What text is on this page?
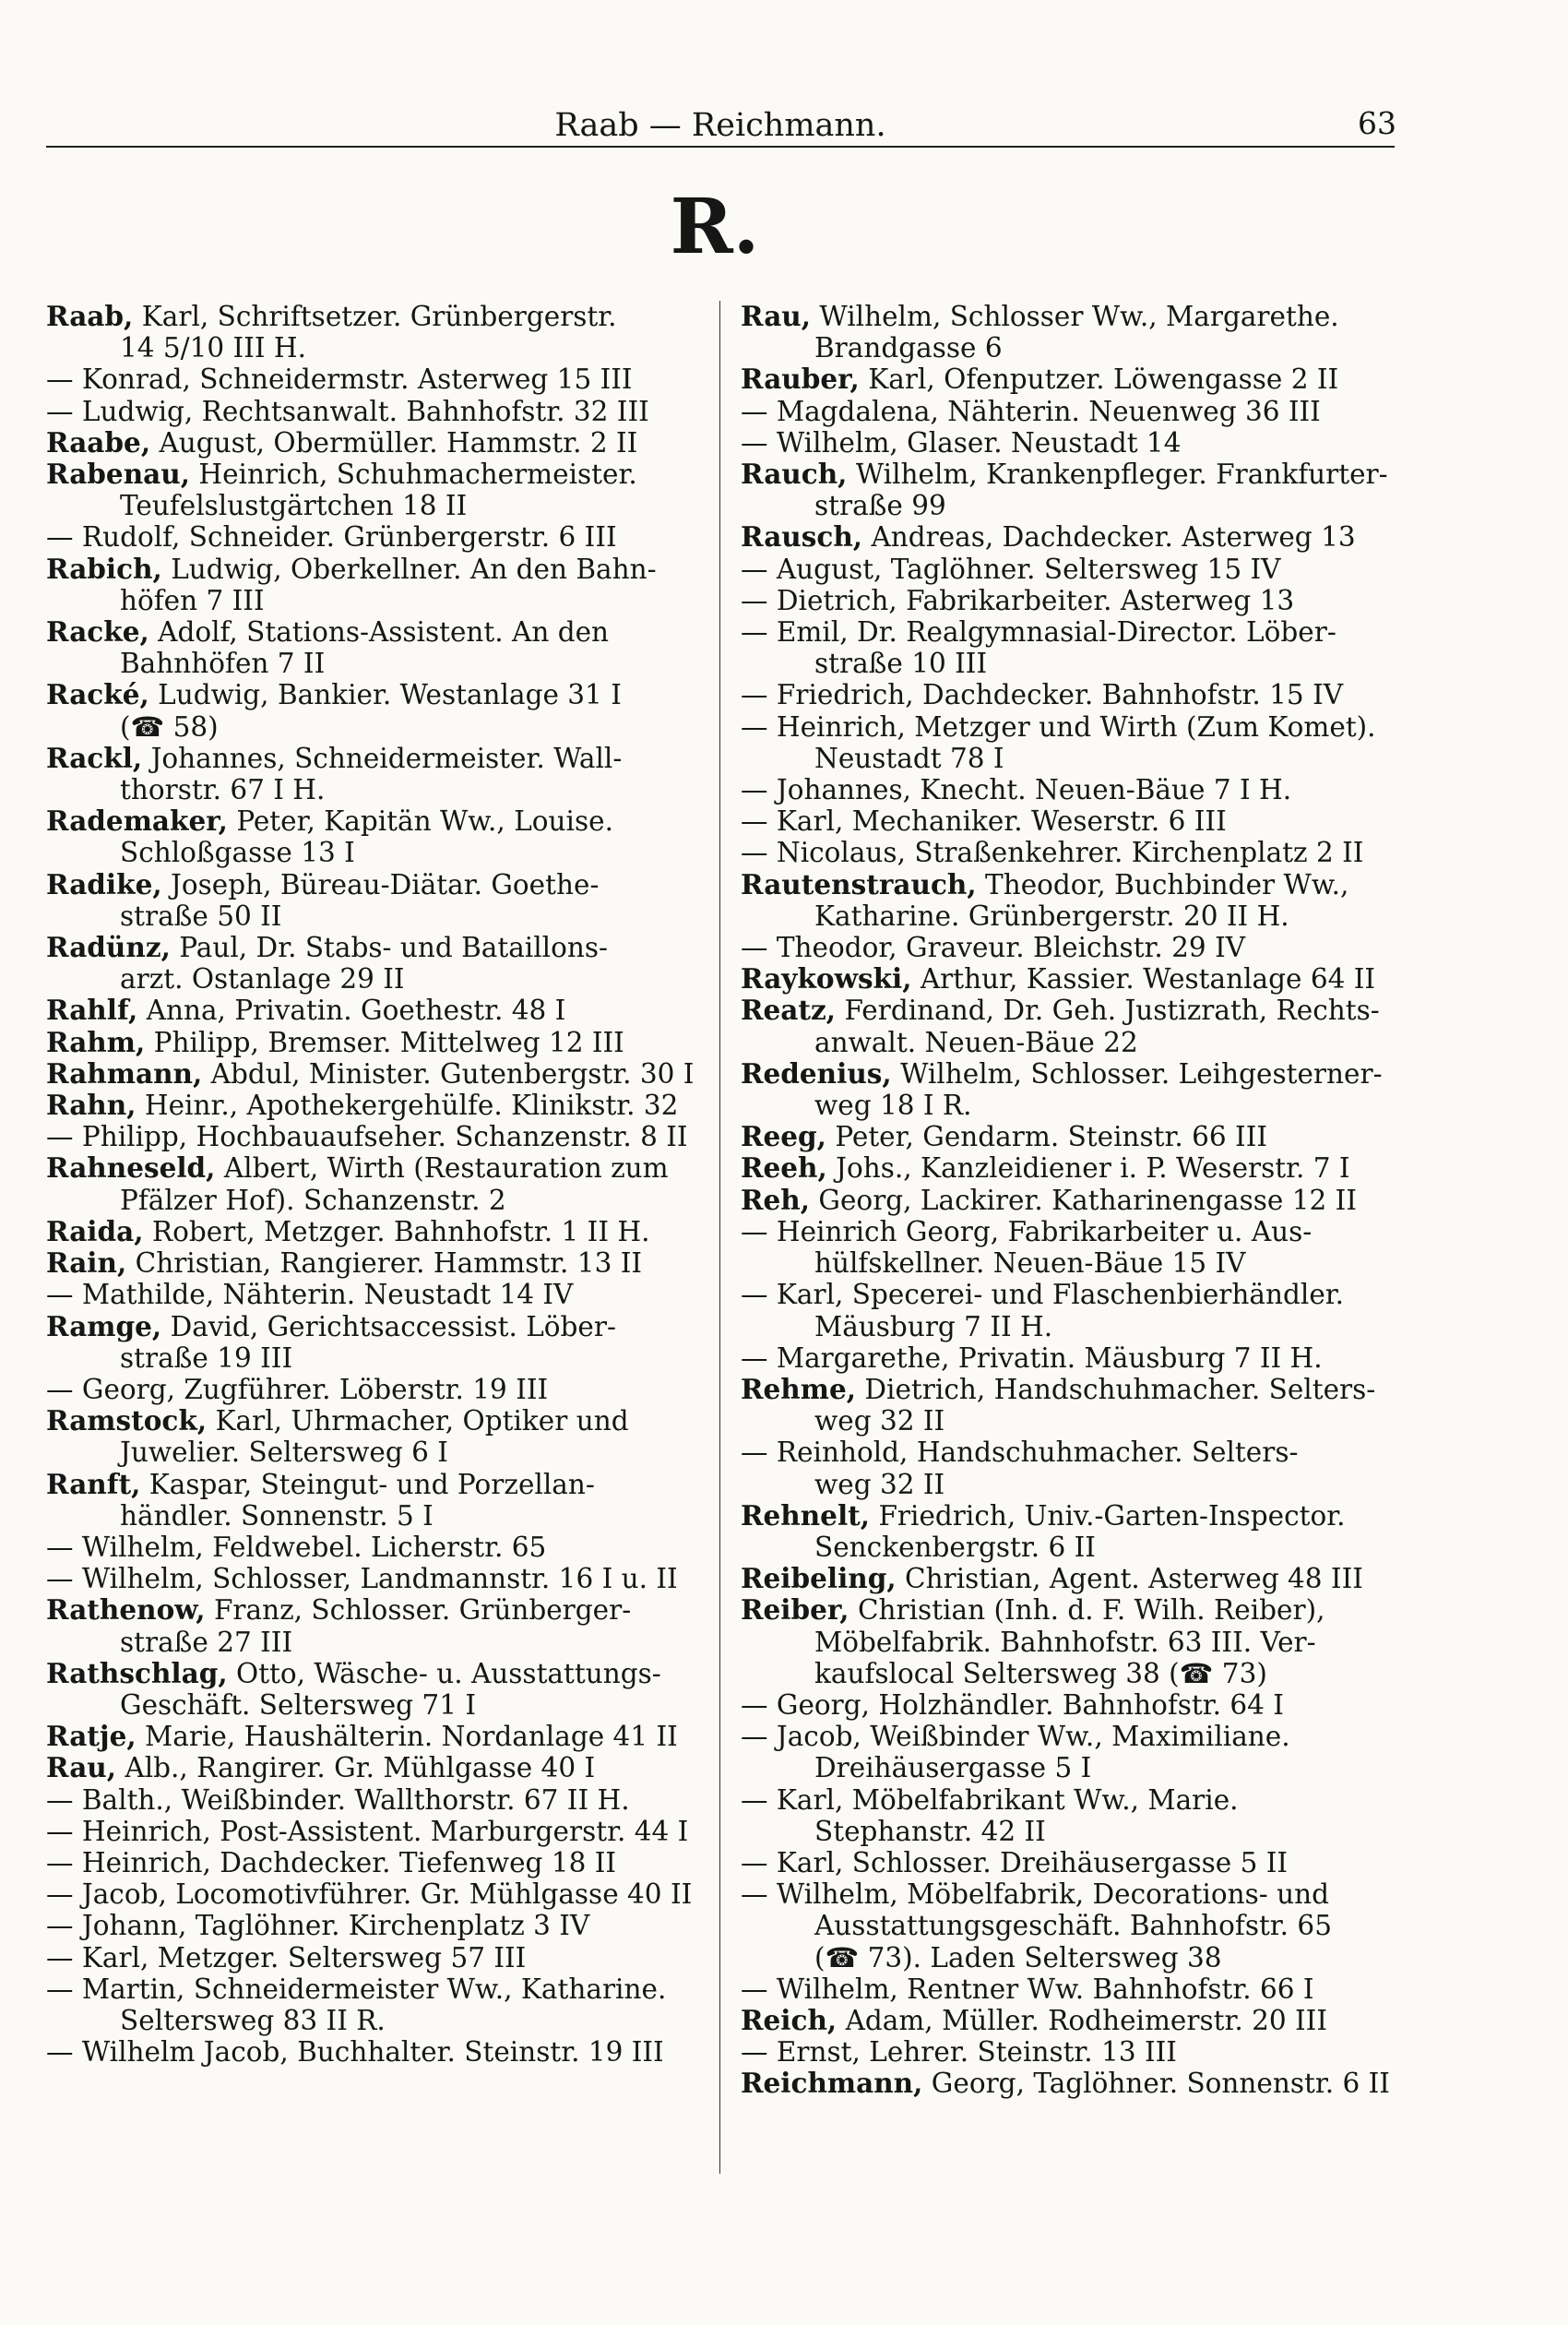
Raab — Reichmann.	63
R.
Raab, Karl, Schriftsetzer. Grünbergerstr.
14 5/10 III H.
— Konrad, Schneidermstr. Asterweg 15 III
— Ludwig, Rechtsanwalt. Bahnhofstr. 32 III
Raabe, August, Obermüller. Hammstr. 2 II
Rabenau, Heinrich, Schuhmachermeister.
Teufelslustgärtchen 18 II
— Rudolf, Schneider. Grünbergerstr. 6 III
Rabich, Ludwig, Oberkellner. An den Bahn-
höfen 7 III
Racke, Adolf, Stations-Assistent. An den
Bahnhöfen 7 II
Racké, Ludwig, Bankier. Westanlage 31 I
(☎ 58)
Rackl, Johannes, Schneidermeister. Wall-
thorstr. 67 I H.
Rademaker, Peter, Kapitän Ww., Louise.
Schloßgasse 13 I
Radike, Joseph, Büreau-Diätar. Goethe-
straße 50 II
Radünz, Paul, Dr. Stabs- und Bataillons-
arzt. Ostanlage 29 II
Rahlf, Anna, Privatin. Goethestr. 48 I
Rahm, Philipp, Bremser. Mittelweg 12 III
Rahmann, Abdul, Minister. Gutenbergstr. 30 I
Rahn, Heinr., Apothekergehülfe. Klinikstr. 32
— Philipp, Hochbauaufseher. Schanzenstr. 8 II
Rahneseld, Albert, Wirth (Restauration zum
Pfälzer Hof). Schanzenstr. 2
Raida, Robert, Metzger. Bahnhofstr. 1 II H.
Rain, Christian, Rangierer. Hammstr. 13 II
— Mathilde, Nähterin. Neustadt 14 IV
Ramge, David, Gerichtsaccessist. Löber-
straße 19 III
— Georg, Zugführer. Löberstr. 19 III
Ramstock, Karl, Uhrmacher, Optiker und
Juwelier. Seltersweg 6 I
Ranft, Kaspar, Steingut- und Porzellan-
händler. Sonnenstr. 5 I
— Wilhelm, Feldwebel. Licherstr. 65
— Wilhelm, Schlosser, Landmannstr. 16 I u. II
Rathenow, Franz, Schlosser. Grünberger-
straße 27 III
Rathschlag, Otto, Wäsche- u. Ausstattungs-
Geschäft. Seltersweg 71 I
Ratje, Marie, Haushälterin. Nordanlage 41 II
Rau, Alb., Rangirer. Gr. Mühlgasse 40 I
— Balth., Weißbinder. Wallthorstr. 67 II H.
— Heinrich, Post-Assistent. Marburgerstr. 44 I
— Heinrich, Dachdecker. Tiefenweg 18 II
— Jacob, Locomotivführer. Gr. Mühlgasse 40 II
— Johann, Taglöhner. Kirchenplatz 3 IV
— Karl, Metzger. Seltersweg 57 III
— Martin, Schneidermeister Ww., Katharine.
Seltersweg 83 II R.
— Wilhelm Jacob, Buchhalter. Steinstr. 19 III
Rau, Wilhelm, Schlosser Ww., Margarethe.
Brandgasse 6
Rauber, Karl, Ofenputzer. Löwengasse 2 II
— Magdalena, Nähterin. Neuenweg 36 III
— Wilhelm, Glaser. Neustadt 14
Rauch, Wilhelm, Krankenpfleger. Frankfurter-
straße 99
Rausch, Andreas, Dachdecker. Asterweg 13
— August, Taglöhner. Seltersweg 15 IV
— Dietrich, Fabrikarbeiter. Asterweg 13
— Emil, Dr. Realgymnasial-Director. Löber-
straße 10 III
— Friedrich, Dachdecker. Bahnhofstr. 15 IV
— Heinrich, Metzger und Wirth (Zum Komet).
Neustadt 78 I
— Johannes, Knecht. Neuen-Bäue 7 I H.
— Karl, Mechaniker. Weserstr. 6 III
— Nicolaus, Straßenkehrer. Kirchenplatz 2 II
Rautenstrauch, Theodor, Buchbinder Ww.,
Katharine. Grünbergerstr. 20 II H.
— Theodor, Graveur. Bleichstr. 29 IV
Raykowski, Arthur, Kassier. Westanlage 64 II
Reatz, Ferdinand, Dr. Geh. Justizrath, Rechts-
anwalt. Neuen-Bäue 22
Redenius, Wilhelm, Schlosser. Leihgesterner-
weg 18 I R.
Reeg, Peter, Gendarm. Steinstr. 66 III
Reeh, Johs., Kanzleidiener i. P. Weserstr. 7 I
Reh, Georg, Lackirer. Katharinengasse 12 II
— Heinrich Georg, Fabrikarbeiter u. Aus-
hülfskellner. Neuen-Bäue 15 IV
— Karl, Specerei- und Flaschenbierhändler.
Mäusburg 7 II H.
— Margarethe, Privatin. Mäusburg 7 II H.
Rehme, Dietrich, Handschuhmacher. Selters-
weg 32 II
— Reinhold, Handschuhmacher. Selters-
weg 32 II
Rehnelt, Friedrich, Univ.-Garten-Inspector.
Senckenbergstr. 6 II
Reibeling, Christian, Agent. Asterweg 48 III
Reiber, Christian (Inh. d. F. Wilh. Reiber),
Möbelfabrik. Bahnhofstr. 63 III. Ver-
kaufslocal Seltersweg 38 (☎ 73)
— Georg, Holzhändler. Bahnhofstr. 64 I
— Jacob, Weißbinder Ww., Maximiliane.
Dreihäusergasse 5 I
— Karl, Möbelfabrikant Ww., Marie.
Stephanstr. 42 II
— Karl, Schlosser. Dreihäusergasse 5 II
— Wilhelm, Möbelfabrik, Decorations- und
Ausstattungsgeschäft. Bahnhofstr. 65
(☎ 73). Laden Seltersweg 38
— Wilhelm, Rentner Ww. Bahnhofstr. 66 I
Reich, Adam, Müller. Rodheimerstr. 20 III
— Ernst, Lehrer. Steinstr. 13 III
Reichmann, Georg, Taglöhner. Sonnenstr. 6 II
